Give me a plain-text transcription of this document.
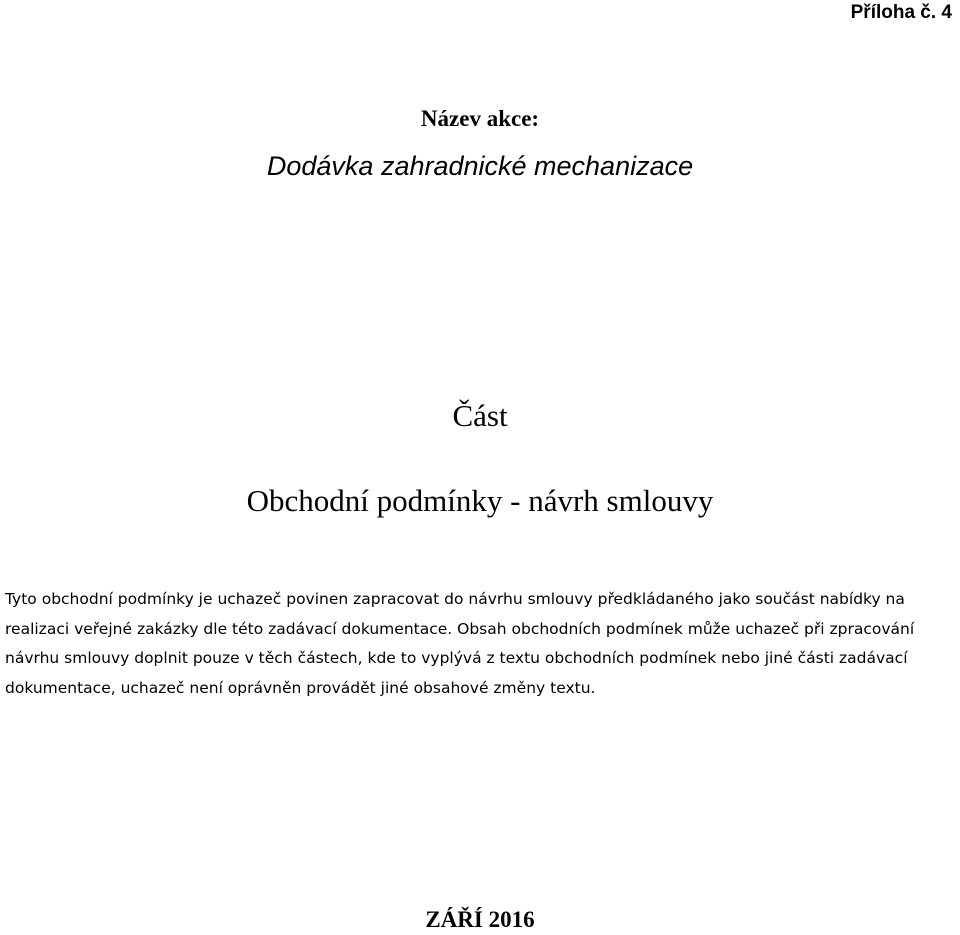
Příloha č. 4
Název akce:
Dodávka zahradnické mechanizace
Část
Obchodní podmínky - návrh smlouvy

Tyto obchodní podmínky je uchazeč povinen zapracovat do návrhu smlouvy předkládaného jako součást nabídky na realizaci veřejné zakázky dle této zadávací dokumentace. Obsah obchodních podmínek může uchazeč při zpracování návrhu smlouvy doplnit pouze v těch částech, kde to vyplývá z textu obchodních podmínek nebo jiné části zadávací dokumentace, uchazeč není oprávněn provádět jiné obsahové změny textu.

ZÁŘÍ 2016
